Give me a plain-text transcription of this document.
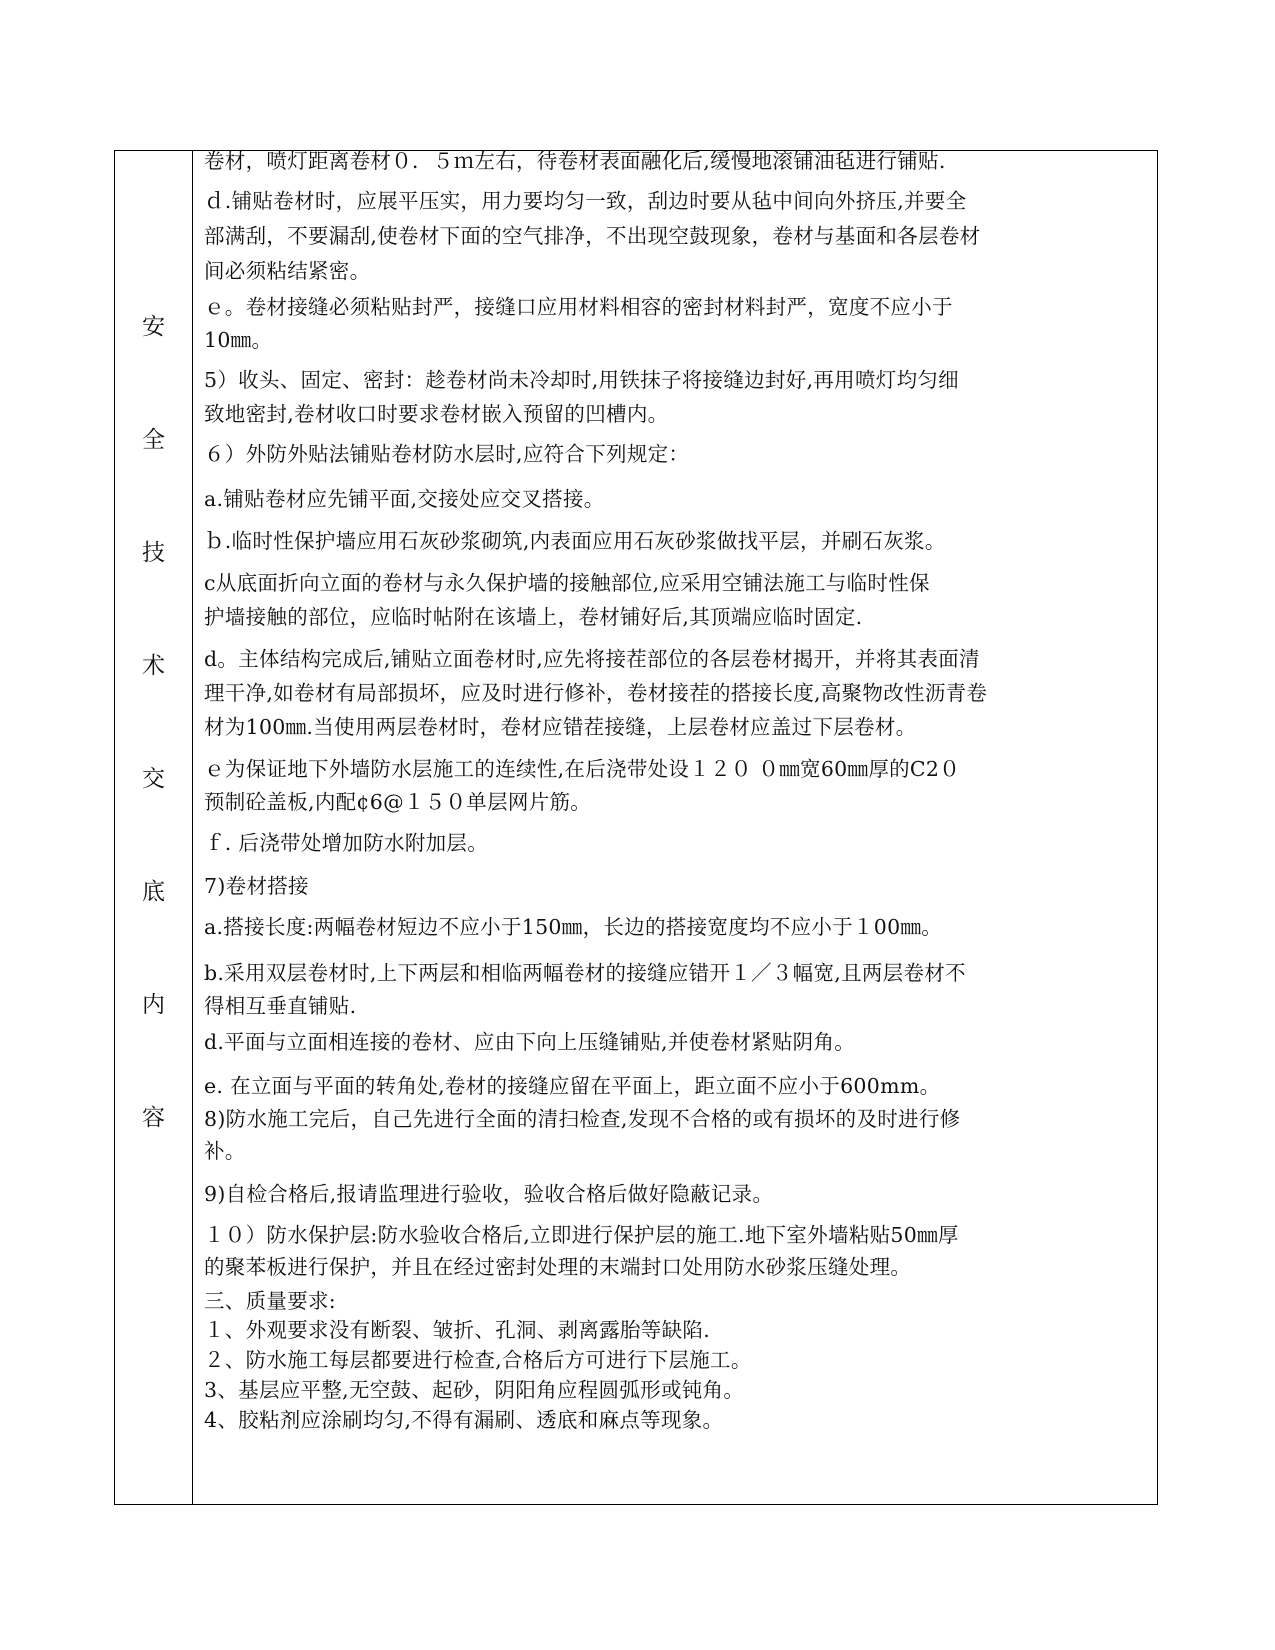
安
全
技
术
交
底
内
容
卷材，喷灯距离卷材０．５ｍ左右，待卷材表面融化后,缓慢地滚铺油毡进行铺贴.
ｄ.铺贴卷材时，应展平压实，用力要均匀一致，刮边时要从毡中间向外挤压,并要全
部满刮，不要漏刮,使卷材下面的空气排净，不出现空鼓现象，卷材与基面和各层卷材
间必须粘结紧密。
ｅ。卷材接缝必须粘贴封严，接缝口应用材料相容的密封材料封严，宽度不应小于
10㎜。
5）收头、固定、密封：趁卷材尚未冷却时,用铁抹子将接缝边封好,再用喷灯均匀细
致地密封,卷材收口时要求卷材嵌入预留的凹槽内。
６）外防外贴法铺贴卷材防水层时,应符合下列规定：
a.铺贴卷材应先铺平面,交接处应交叉搭接。
ｂ.临时性保护墙应用石灰砂浆砌筑,内表面应用石灰砂浆做找平层，并刷石灰浆。
c从底面折向立面的卷材与永久保护墙的接触部位,应采用空铺法施工与临时性保
护墙接触的部位，应临时帖附在该墙上，卷材铺好后,其顶端应临时固定.
d。主体结构完成后,铺贴立面卷材时,应先将接茬部位的各层卷材揭开，并将其表面清
理干净,如卷材有局部损坏，应及时进行修补，卷材接茬的搭接长度,高聚物改性沥青卷
材为100㎜.当使用两层卷材时，卷材应错茬接缝，上层卷材应盖过下层卷材。
ｅ为保证地下外墙防水层施工的连续性,在后浇带处设１２０ ０㎜宽60㎜厚的C2０
预制砼盖板,内配¢6@１５０单层网片筋。
ｆ. 后浇带处增加防水附加层。
7)卷材搭接
a.搭接长度:两幅卷材短边不应小于150㎜，长边的搭接宽度均不应小于１00㎜。
b.采用双层卷材时,上下两层和相临两幅卷材的接缝应错开１／３幅宽,且两层卷材不
得相互垂直铺贴.
d.平面与立面相连接的卷材、应由下向上压缝铺贴,并使卷材紧贴阴角。
e. 在立面与平面的转角处,卷材的接缝应留在平面上，距立面不应小于600mm。
8)防水施工完后，自己先进行全面的清扫检查,发现不合格的或有损坏的及时进行修
补。
9)自检合格后,报请监理进行验收，验收合格后做好隐蔽记录。
１０）防水保护层:防水验收合格后,立即进行保护层的施工.地下室外墙粘贴50㎜厚
的聚苯板进行保护，并且在经过密封处理的末端封口处用防水砂浆压缝处理。
三、质量要求:
１、外观要求没有断裂、皱折、孔洞、剥离露胎等缺陷.
２、防水施工每层都要进行检查,合格后方可进行下层施工。
3、基层应平整,无空鼓、起砂，阴阳角应程圆弧形或钝角。
4、胶粘剂应涂刷均匀,不得有漏刷、透底和麻点等现象。
